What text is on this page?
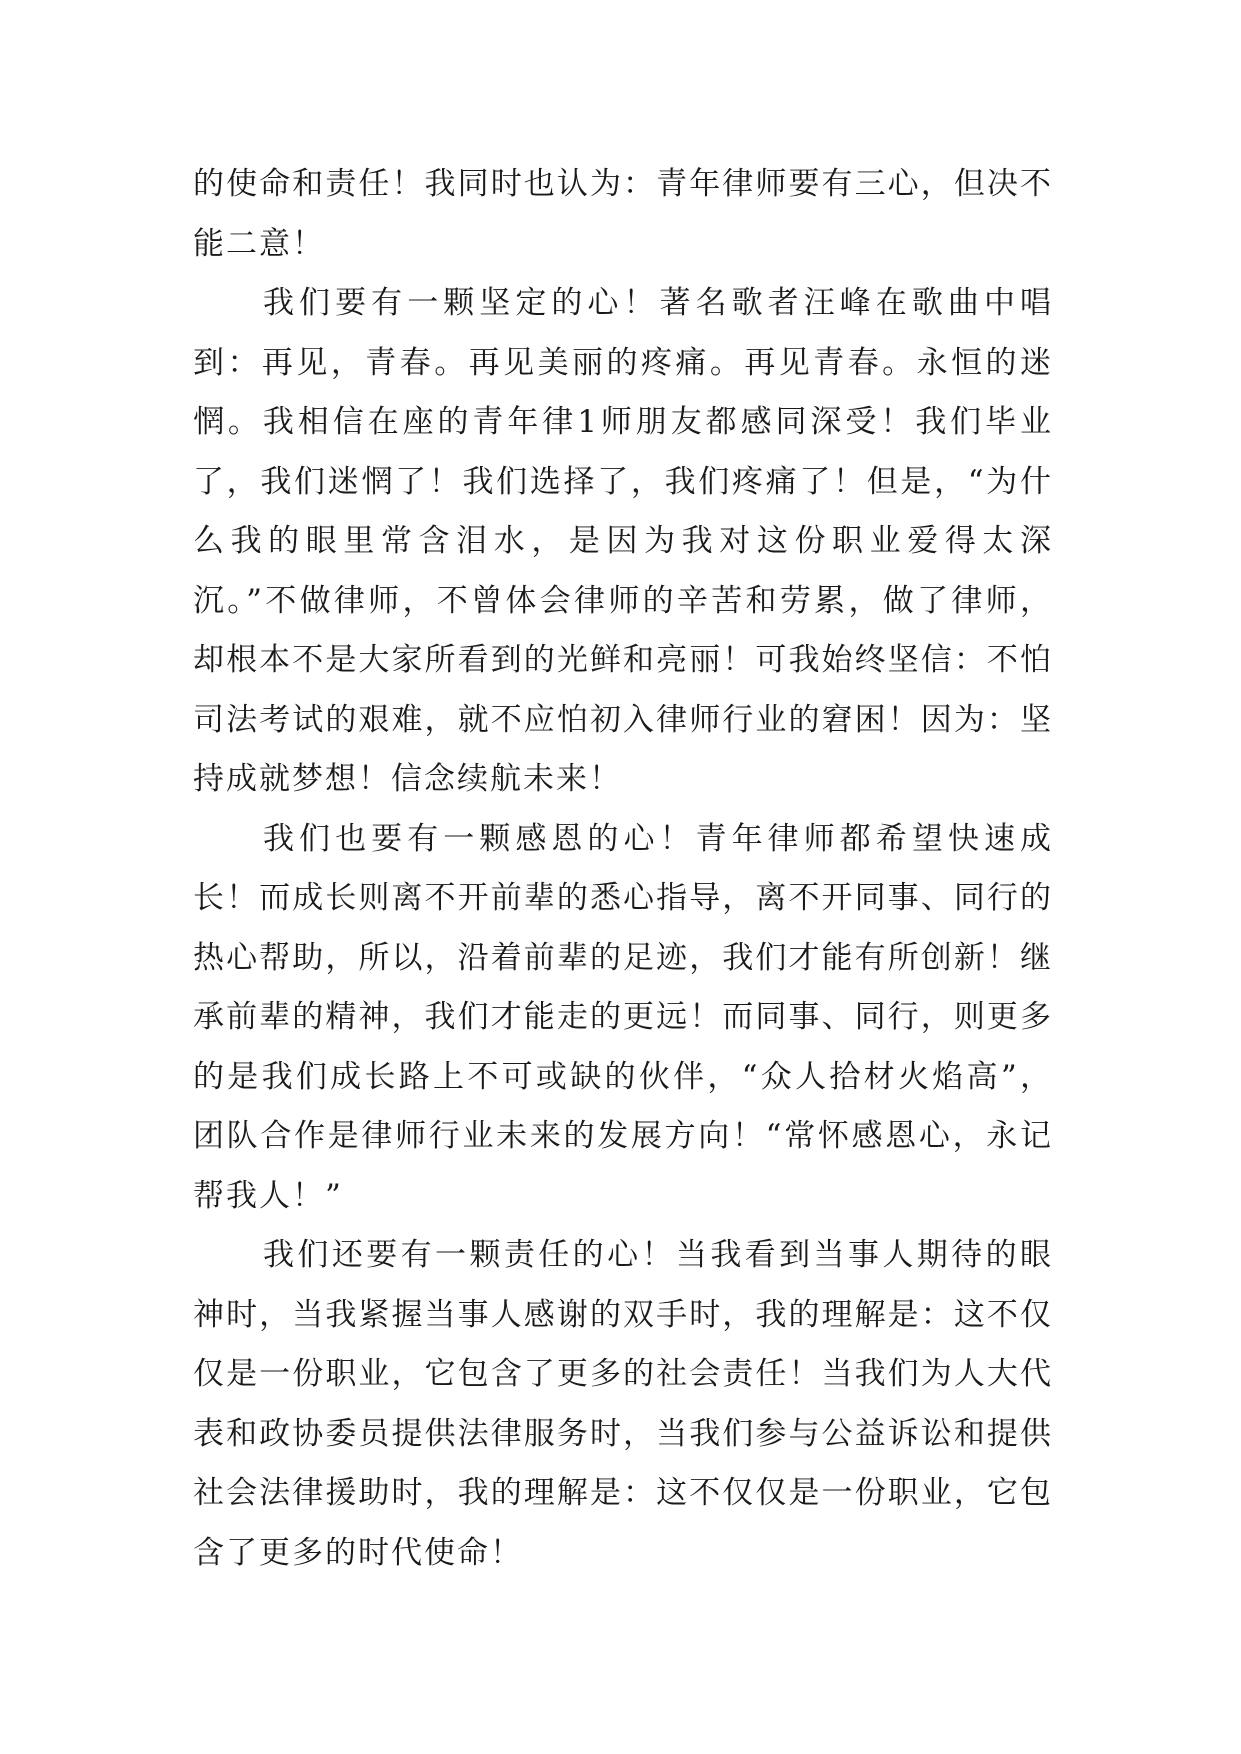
的使命和责任！我同时也认为：青年律师要有三心，但决不能二意！

我们要有一颗坚定的心！著名歌者汪峰在歌曲中唱到：再见，青春。再见美丽的疼痛。再见青春。永恒的迷惘。我相信在座的青年律1师朋友都感同深受！我们毕业了，我们迷惘了！我们选择了，我们疼痛了！但是，“为什么我的眼里常含泪水，是因为我对这份职业爱得太深沉。”不做律师，不曾体会律师的辛苦和劳累，做了律师，却根本不是大家所看到的光鲜和亮丽！可我始终坚信：不怕司法考试的艰难，就不应怕初入律师行业的窘困！因为：坚持成就梦想！信念续航未来！

我们也要有一颗感恩的心！青年律师都希望快速成长！而成长则离不开前辈的悉心指导，离不开同事、同行的热心帮助，所以，沿着前辈的足迹，我们才能有所创新！继承前辈的精神，我们才能走的更远！而同事、同行，则更多的是我们成长路上不可或缺的伙伴，“众人拾材火焰高”，团队合作是律师行业未来的发展方向！“常怀感恩心，永记帮我人！”

我们还要有一颗责任的心！当我看到当事人期待的眼神时，当我紧握当事人感谢的双手时，我的理解是：这不仅仅是一份职业，它包含了更多的社会责任！当我们为人大代表和政协委员提供法律服务时，当我们参与公益诉讼和提供社会法律援助时，我的理解是：这不仅仅是一份职业，它包含了更多的时代使命！
